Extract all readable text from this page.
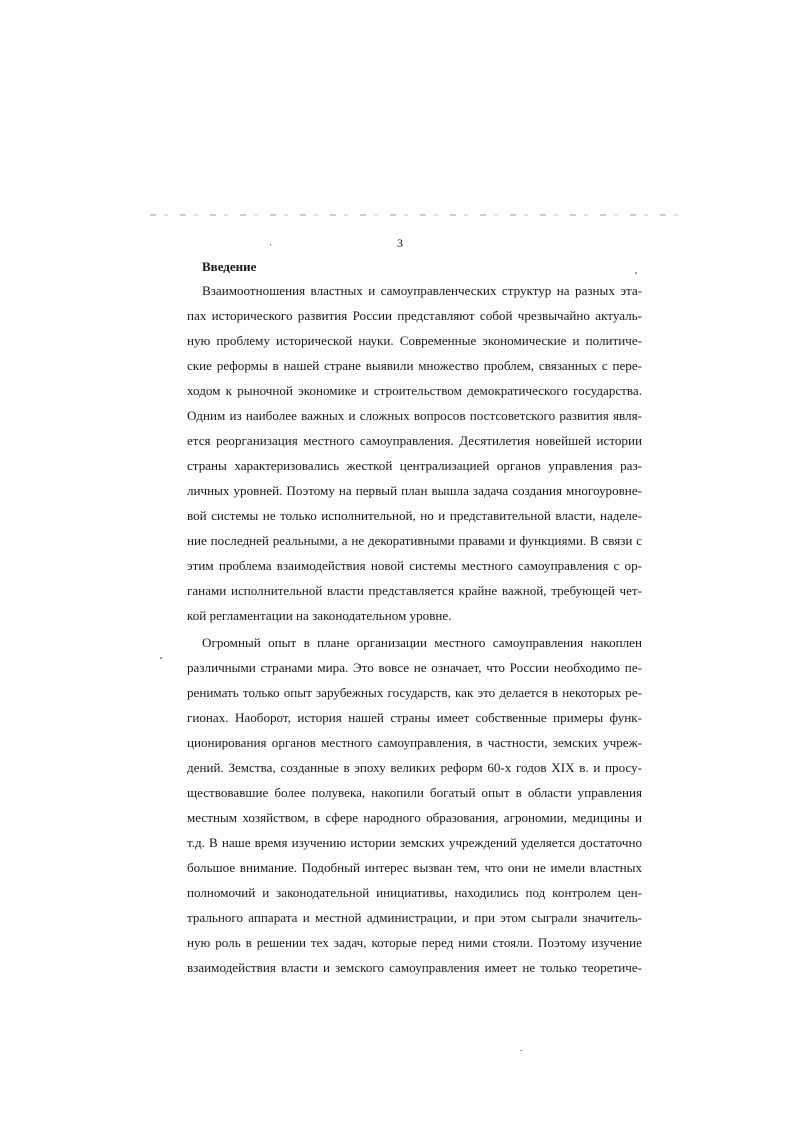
3
Введение
Взаимоотношения властных и самоуправленческих структур на разных эта-
пах исторического развития России представляют собой чрезвычайно актуаль-
ную проблему исторической науки. Современные экономические и политиче-
ские реформы в нашей стране выявили множество проблем, связанных с пере-
ходом к рыночной экономике и строительством демократического государства.
Одним из наиболее важных и сложных вопросов постсоветского развития явля-
ется реорганизация местного самоуправления. Десятилетия новейшей истории
страны характеризовались жесткой централизацией органов управления раз-
личных уровней. Поэтому на первый план вышла задача создания многоуровне-
вой системы не только исполнительной, но и представительной власти, наделе-
ние последней реальными, а не декоративными правами и функциями. В связи с
этим проблема взаимодействия новой системы местного самоуправления с ор-
ганами исполнительной власти представляется крайне важной, требующей чет-
кой регламентации на законодательном уровне.
Огромный опыт в плане организации местного самоуправления накоплен
различными странами мира. Это вовсе не означает, что России необходимо пе-
ренимать только опыт зарубежных государств, как это делается в некоторых ре-
гионах. Наоборот, история нашей страны имеет собственные примеры функ-
ционирования органов местного самоуправления, в частности, земских учреж-
дений. Земства, созданные в эпоху великих реформ 60-х годов XIX в. и просу-
ществовавшие более полувека, накопили богатый опыт в области управления
местным хозяйством, в сфере народного образования, агрономии, медицины и
т.д. В наше время изучению истории земских учреждений уделяется достаточно
большое внимание. Подобный интерес вызван тем, что они не имели властных
полномочий и законодательной инициативы, находились под контролем цен-
трального аппарата и местной администрации, и при этом сыграли значитель-
ную роль в решении тех задач, которые перед ними стояли. Поэтому изучение
взаимодействия власти и земского самоуправления имеет не только теоретиче-
